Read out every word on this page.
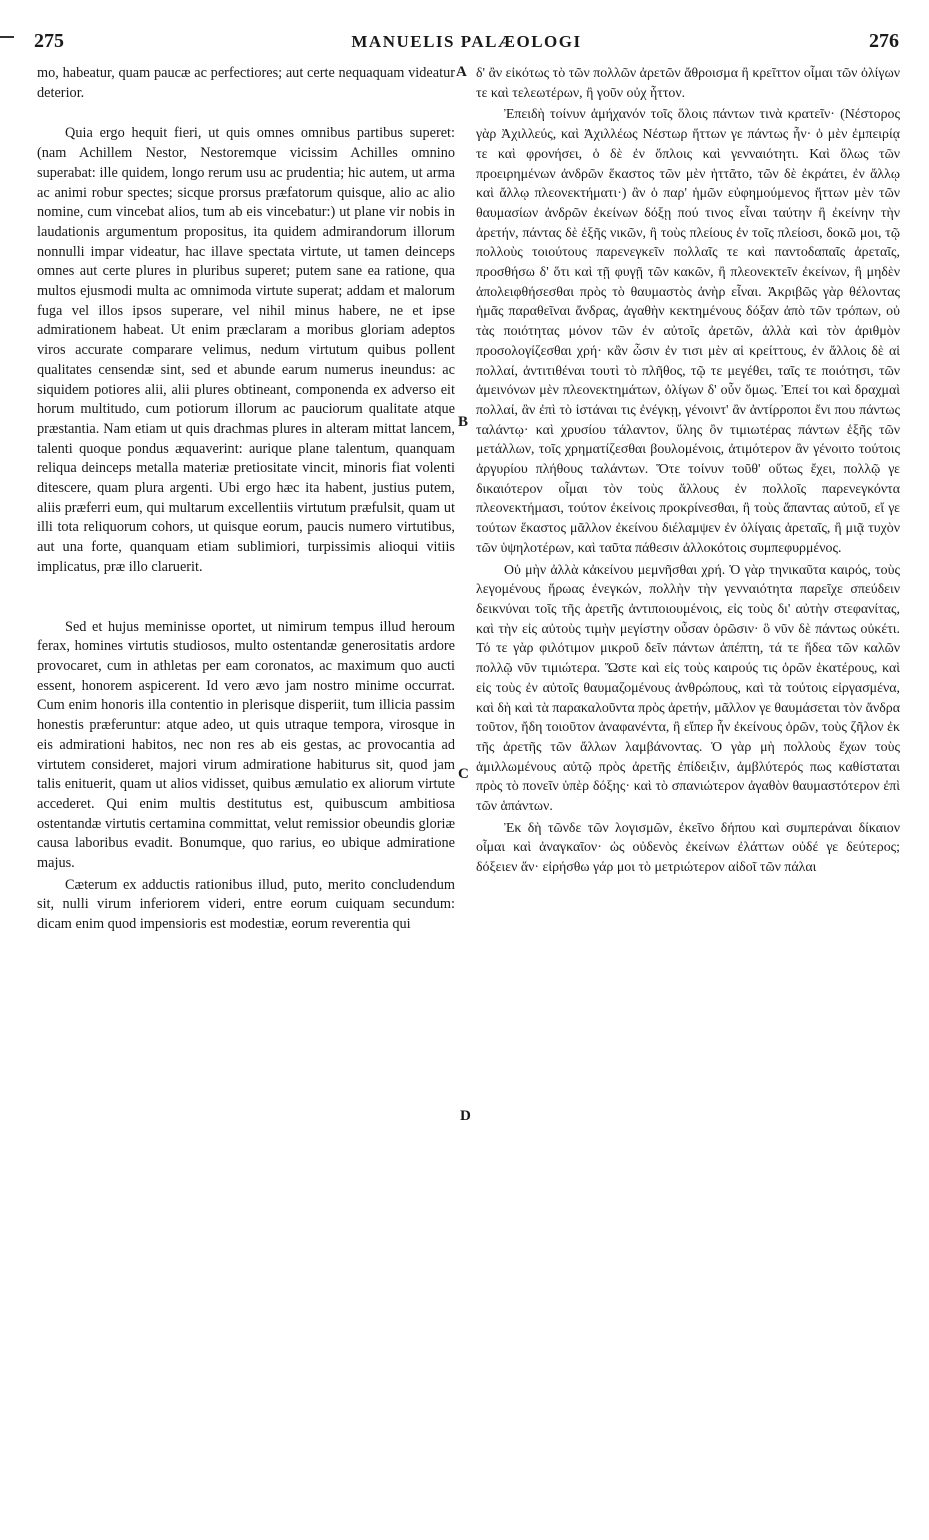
275	MANUELIS PALÆOLOGI	276

mo, habeatur, quam paucæ ac perfectiores; aut certe nequaquam videatur deterior.

Quia ergo hequit fieri, ut quis omnes omnibus partibus superet: (nam Achillem Nestor, Nestoremque vicissim Achilles omnino superabat: ille quidem, longo rerum usu ac prudentia; hic autem, ut arma ac animi robur spectes; sicque prorsus præfatorum quisque, alio ac alio nomine, cum vincebat alios, tum ab eis vincebatur:) ut plane vir nobis in laudationis argumentum propositus, ita quidem admirandorum illorum nonnulli impar videatur, hac illave spectata virtute, ut tamen deinceps omnes aut certe plures in pluribus superet; putem sane ea ratione, qua multos ejusmodi multa ac omnimoda virtute superat; addam et malorum fuga vel illos ipsos superare, vel nihil minus habere, ne et ipse admirationem habeat. Ut enim præclaram a moribus gloriam adeptos viros accurate comparare velimus, nedum virtutum quibus pollent qualitates censendæ sint, sed et abunde earum numerus ineundus: ac siquidem potiores alii, alii plures obtineant, componenda ex adverso eit horum multitudo, cum potiorum illorum ac pauciorum qualitate atque præstantia. Nam etiam ut quis drachmas plures in alteram mittat lancem, talenti quoque pondus æquaverint: aurique plane talentum, quanquam reliqua deinceps metalla materiæ pretiositate vincit, minoris fiat volenti ditescere, quam plura argenti. Ubi ergo hæc ita habent, justius putem, aliis præferri eum, qui multarum excellentiis virtutum præfulsit, quam ut illi tota reliquorum cohors, ut quisque eorum, paucis numero virtutibus, aut una forte, quanquam etiam sublimiori, turpissimis alioqui vitiis implicatus, præ illo claruerit.

Sed et hujus meminisse oportet, ut nimirum tempus illud heroum ferax, homines virtutis studiosos, multo ostentandæ generositatis ardore provocaret, cum in athletas per eam coronatos, ac maximum quo aucti essent, honorem aspicerent. Id vero ævo jam nostro minime occurrat. Cum enim honoris illa contentio in plerisque disperiit, tum illicia passim honestis præferuntur: atque adeo, ut quis utraque tempora, virosque in eis admirationi habitos, nec non res ab eis gestas, ac provocantia ad virtutem consideret, majori virum admiratione habiturus sit, quod jam talis enituerit, quam ut alios vidisset, quibus æmulatio ex aliorum virtute accederet. Qui enim multis destitutus est, quibuscum ambitiosa ostentandæ virtutis certamina committat, velut remissior obeundis gloriæ causa laboribus evadit. Bonumque, quo rarius, eo ubique admiratione majus.

Cæterum ex adductis rationibus illud, puto, merito concludendum sit, nulli virum inferiorem videri, entre eorum cuiquam secundum: dicam enim quod impensioris est modestiæ, eorum reverentia qui

A
B
C
D

δ' ἂν εἰκότως τὸ τῶν πολλῶν ἀρετῶν ἄθροισμα ἢ κρεῖττον οἶμαι τῶν ὀλίγων τε καὶ τελεωτέρων, ἢ γοῦν οὐχ ἧττον.

Ἐπειδὴ τοίνυν ἀμήχανόν τοῖς ὅλοις πάντων τινὰ κρατεῖν· (Νέστορος γὰρ Ἀχιλλεύς, καὶ Ἀχιλλέως Νέστωρ ἥττων γε πάντως ἦν· ὁ μὲν ἐμπειρίᾳ τε καὶ φρονήσει, ὁ δὲ ἐν ὅπλοις καὶ γενναιότητι. Καὶ ὅλως τῶν προειρημένων ἀνδρῶν ἕκαστος τῶν μὲν ἡττᾶτο, τῶν δὲ ἐκράτει, ἐν ἄλλῳ καὶ ἄλλῳ πλεονεκτήματι·) ἂν ὁ παρ' ἡμῶν εὐφημούμενος ἥττων μὲν τῶν θαυμασίων ἀνδρῶν ἐκείνων δόξῃ πού τινος εἶναι ταύτην ἢ ἐκείνην τὴν ἀρετήν, πάντας δὲ ἑξῆς νικῶν, ἢ τοὺς πλείους ἐν τοῖς πλείοσι, δοκῶ μοι, τῷ πολλοὺς τοιούτους παρενεγκεῖν πολλαῖς τε καὶ παντοδαπαῖς ἀρεταῖς, προσθήσω δ' ὅτι καὶ τῇ φυγῇ τῶν κακῶν, ἢ πλεονεκτεῖν ἐκείνων, ἢ μηδὲν ἀπολειφθήσεσθαι πρὸς τὸ θαυμαστὸς ἀνὴρ εἶναι. Ἀκριβῶς γὰρ θέλοντας ἡμᾶς παραθεῖναι ἄνδρας, ἀγαθὴν κεκτημένους δόξαν ἀπὸ τῶν τρόπων, οὐ τὰς ποιότητας μόνον τῶν ἐν αὐτοῖς ἀρετῶν, ἀλλὰ καὶ τὸν ἀριθμὸν προσολογίζεσθαι χρή· κἂν ὦσιν ἐν τισι μὲν αἱ κρείττους, ἐν ἄλλοις δὲ αἱ πολλαί, ἀντιτιθέναι τουτὶ τὸ πλῆθος, τῷ τε μεγέθει, ταῖς τε ποιότησι, τῶν ἀμεινόνων μὲν πλεονεκτημάτων, ὀλίγων δ' οὖν ὅμως. Ἐπεί τοι καὶ δραχμαὶ πολλαί, ἂν ἐπὶ τὸ ἱστάναι τις ἐνέγκῃ, γένοιντ' ἂν ἀντίρροποι ἔνι που πάντως ταλάντῳ· καὶ χρυσίου τάλαντον, ὕλης ὂν τιμιωτέρας πάντων ἑξῆς τῶν μετάλλων, τοῖς χρηματίζεσθαι βουλομένοις, ἀτιμότερον ἂν γένοιτο τούτοις ἀργυρίου πλήθους ταλάντων. Ὅτε τοίνυν τοῦθ' οὕτως ἔχει, πολλῷ γε δικαιότερον οἶμαι τὸν τοὺς ἄλλους ἐν πολλοῖς παρενεγκόντα πλεονεκτήμασι, τούτον ἐκείνοις προκρίνεσθαι, ἢ τοὺς ἅπαντας αὐτοῦ, εἴ γε τούτων ἕκαστος μᾶλλον ἐκείνου διέλαμψεν ἐν ὀλίγαις ἀρεταῖς, ἢ μιᾷ τυχὸν τῶν ὑψηλοτέρων, καὶ ταῦτα πάθεσιν ἀλλοκότοις συμπεφυρμένος.

Οὐ μὴν ἀλλὰ κἀκείνου μεμνῆσθαι χρή. Ὁ γὰρ τηνικαῦτα καιρός, τοὺς λεγομένους ἥρωας ἐνεγκών, πολλὴν τὴν γενναιότητα παρεῖχε σπεύδειν δεικνύναι τοῖς τῆς ἀρετῆς ἀντιποιουμένοις, εἰς τοὺς δι' αὐτὴν στεφανίτας, καὶ τὴν εἰς αὐτοὺς τιμὴν μεγίστην οὖσαν ὁρῶσιν· ὃ νῦν δὲ πάντως οὐκέτι. Τό τε γὰρ φιλότιμον μικροῦ δεῖν πάντων ἀπέπτη, τά τε ἥδεα τῶν καλῶν πολλῷ νῦν τιμιώτερα. Ὥστε καὶ εἰς τοὺς καιρούς τις ὁρῶν ἑκατέρους, καὶ εἰς τοὺς ἐν αὐτοῖς θαυμαζομένους ἀνθρώπους, καὶ τὰ τούτοις εἰργασμένα, καὶ δὴ καὶ τὰ παρακαλοῦντα πρὸς ἀρετήν, μᾶλλον γε θαυμάσεται τὸν ἄνδρα τοῦτον, ἤδη τοιοῦτον ἀναφανέντα, ἢ εἴπερ ἦν ἐκείνους ὁρῶν, τοὺς ζῆλον ἐκ τῆς ἀρετῆς τῶν ἄλλων λαμβάνοντας. Ὁ γὰρ μὴ πολλοὺς ἔχων τοὺς ἁμιλλωμένους αὐτῷ πρὸς ἀρετῆς ἐπίδειξιν, ἀμβλύτερός πως καθίσταται πρὸς τὸ πονεῖν ὑπὲρ δόξης· καὶ τὸ σπανιώτερον ἀγαθὸν θαυμαστότερον ἐπὶ τῶν ἁπάντων.

Ἐκ δὴ τῶνδε τῶν λογισμῶν, ἐκεῖνο δήπου καὶ συμπεράναι δίκαιον οἶμαι καὶ ἀναγκαῖον· ὡς οὐδενὸς ἐκείνων ἐλάττων οὐδέ γε δεύτερος; δόξειεν ἄν· εἰρήσθω γάρ μοι τὸ μετριώτερον αἰδοῖ τῶν πάλαι
